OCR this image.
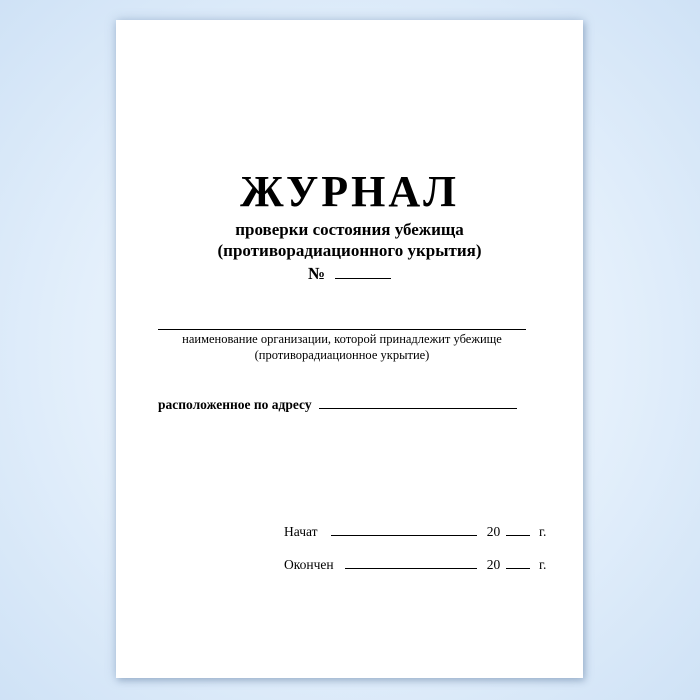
ЖУРНАЛ
проверки состояния убежища
(противорадиационного укрытия)
№
наименование организации, которой принадлежит убежище
(противорадиационное укрытие)
расположенное по адресу
Начат	20	г.
Окончен	20	г.
